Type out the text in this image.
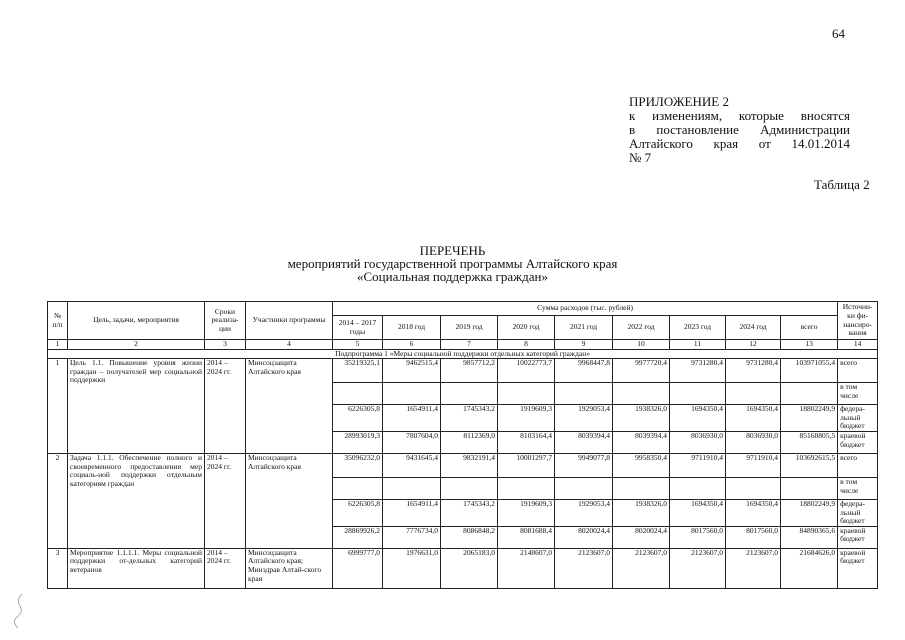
64
ПРИЛОЖЕНИЕ 2
к изменениям, которые вносятся
в постановление Администрации
Алтайского края от 14.01.2014
№ 7
Таблица 2
ПЕРЕЧЕНЬ
мероприятий государственной программы Алтайского края
«Социальная поддержка граждан»
№ п/п	Цель, задачи, мероприятия	Сроки реализа-ции	Участники программы	Сумма расходов (тыс. рублей)									Источни-ки фи-нансиро-вания
				2014 – 2017 годы	2018 год	2019 год	2020 год	2021 год	2022 год	2023 год	2024 год	всего	
1	2	3	4	5	6	7	8	9	10	11	12	13	14
Подпрограмма 1 «Меры социальной поддержки отдельных категорий граждан»													
1	Цель 1.1. Повышение уровня жизни граждан – получателей мер социальной поддержки	2014 – 2024 гг.	Минсоцзащита Алтайского края	35219325,1	9462515,4	9857712,2	10022773,7	9968447,8	9977720,4	9731280,4	9731280,4	103971055,4	всего
													в том числе
				6226305,8	1654911,4	1745343,2	1919609,3	1929053,4	1938326,0	1694350,4	1694350,4	18802249,9	федера-льный бюджет
				28993019,3	7807604,0	8112369,0	8103164,4	8039394,4	8039394,4	8036930,0	8036930,0	85168805,5	краевой бюджет
2	Задача 1.1.1. Обеспечение полного и своевременного предоставления мер социаль-ной поддержки отдельным категориям граждан	2014 – 2024 гг.	Минсоцзащита Алтайского края	35096232,0	9431645,4	9832191,4	10001297,7	9949077,8	9958350,4	9711910,4	9711910,4	103692615,5	всего
													в том числе
				6226305,8	1654911,4	1745343,2	1919609,3	1929053,4	1938326,0	1694350,4	1694350,4	18802249,9	федера-льный бюджет
				28869926,2	7776734,0	8086848,2	8081688,4	8020024,4	8020024,4	8017560,0	8017560,0	84890365,6	краевой бюджет
3	Мероприятие 1.1.1.1. Меры социальной поддержки от-дельных категорий ветеранов	2014 – 2024 гг.	Минсоцзащита Алтайского края; Минздрав Алтай-ского края	6999777,0	1976631,0	2065183,0	2148607,0	2123607,0	2123607,0	2123607,0	2123607,0	21684626,0	краевой бюджет
